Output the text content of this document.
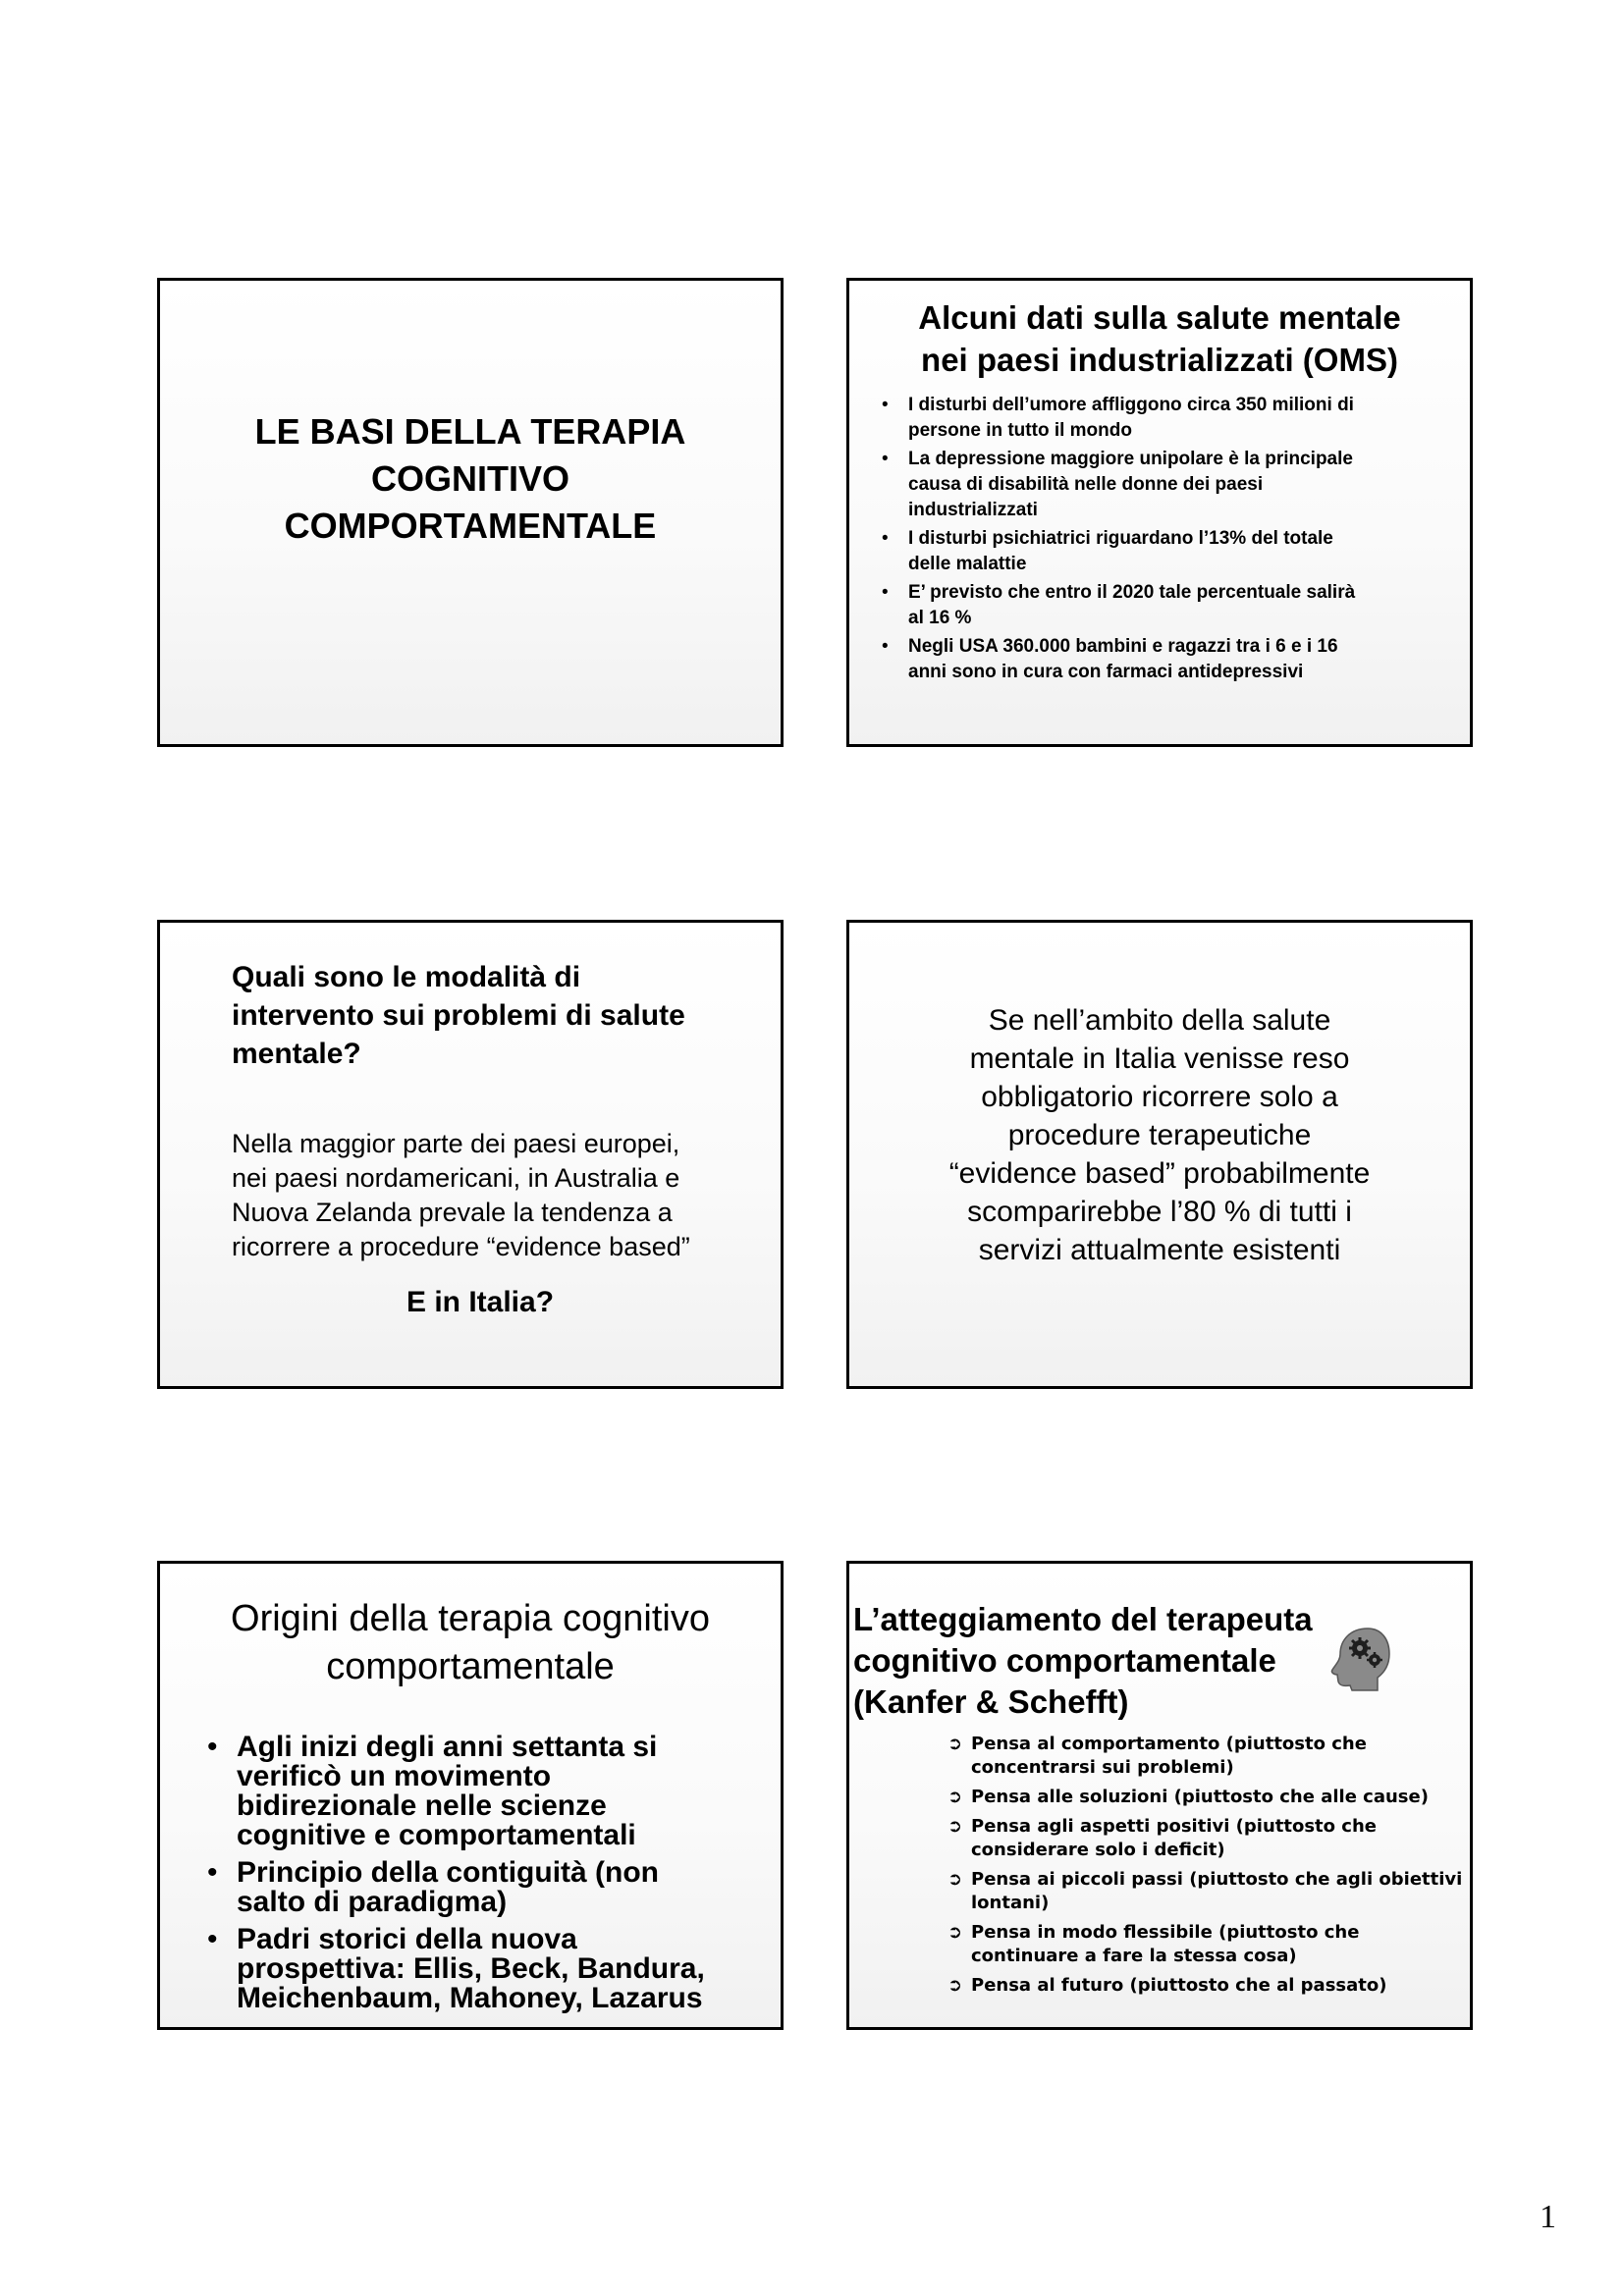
LE BASI DELLA TERAPIA
COGNITIVO
COMPORTAMENTALE
Alcuni dati sulla salute mentale
nei paesi industrializzati (OMS)
• I disturbi dell’umore affliggono circa 350 milioni di
persone in tutto il mondo
• La depressione maggiore unipolare è la principale
causa di disabilità nelle donne dei paesi
industrializzati
• I disturbi psichiatrici riguardano l’13% del totale
delle malattie
• E’ previsto che entro il 2020 tale percentuale salirà
al 16 %
• Negli USA 360.000 bambini e ragazzi tra i 6 e i 16
anni sono in cura con farmaci antidepressivi
Quali sono le modalità di
intervento sui problemi di salute
mentale?
Nella maggior parte dei paesi europei,
nei paesi nordamericani, in Australia e
Nuova Zelanda prevale la tendenza a
ricorrere a procedure “evidence based”
E in Italia?
Se nell’ambito della salute
mentale in Italia venisse reso
obbligatorio ricorrere solo a
procedure terapeutiche
“evidence based” probabilmente
scomparirebbe l’80 % di tutti i
servizi attualmente esistenti
Origini della terapia cognitivo
comportamentale
• Agli inizi degli anni settanta si
verificò un movimento
bidirezionale nelle scienze
cognitive e comportamentali
• Principio della contiguità (non
salto di paradigma)
• Padri storici della nuova
prospettiva: Ellis, Beck, Bandura,
Meichenbaum, Mahoney, Lazarus
L’atteggiamento del terapeuta
cognitivo comportamentale
(Kanfer & Schefft)
➲ Pensa al comportamento (piuttosto che
concentrarsi sui problemi)
➲ Pensa alle soluzioni (piuttosto che alle cause)
➲ Pensa agli aspetti positivi (piuttosto che
considerare solo i deficit)
➲ Pensa ai piccoli passi (piuttosto che agli obiettivi
lontani)
➲ Pensa in modo flessibile (piuttosto che
continuare a fare la stessa cosa)
➲ Pensa al futuro (piuttosto che al passato)
1
